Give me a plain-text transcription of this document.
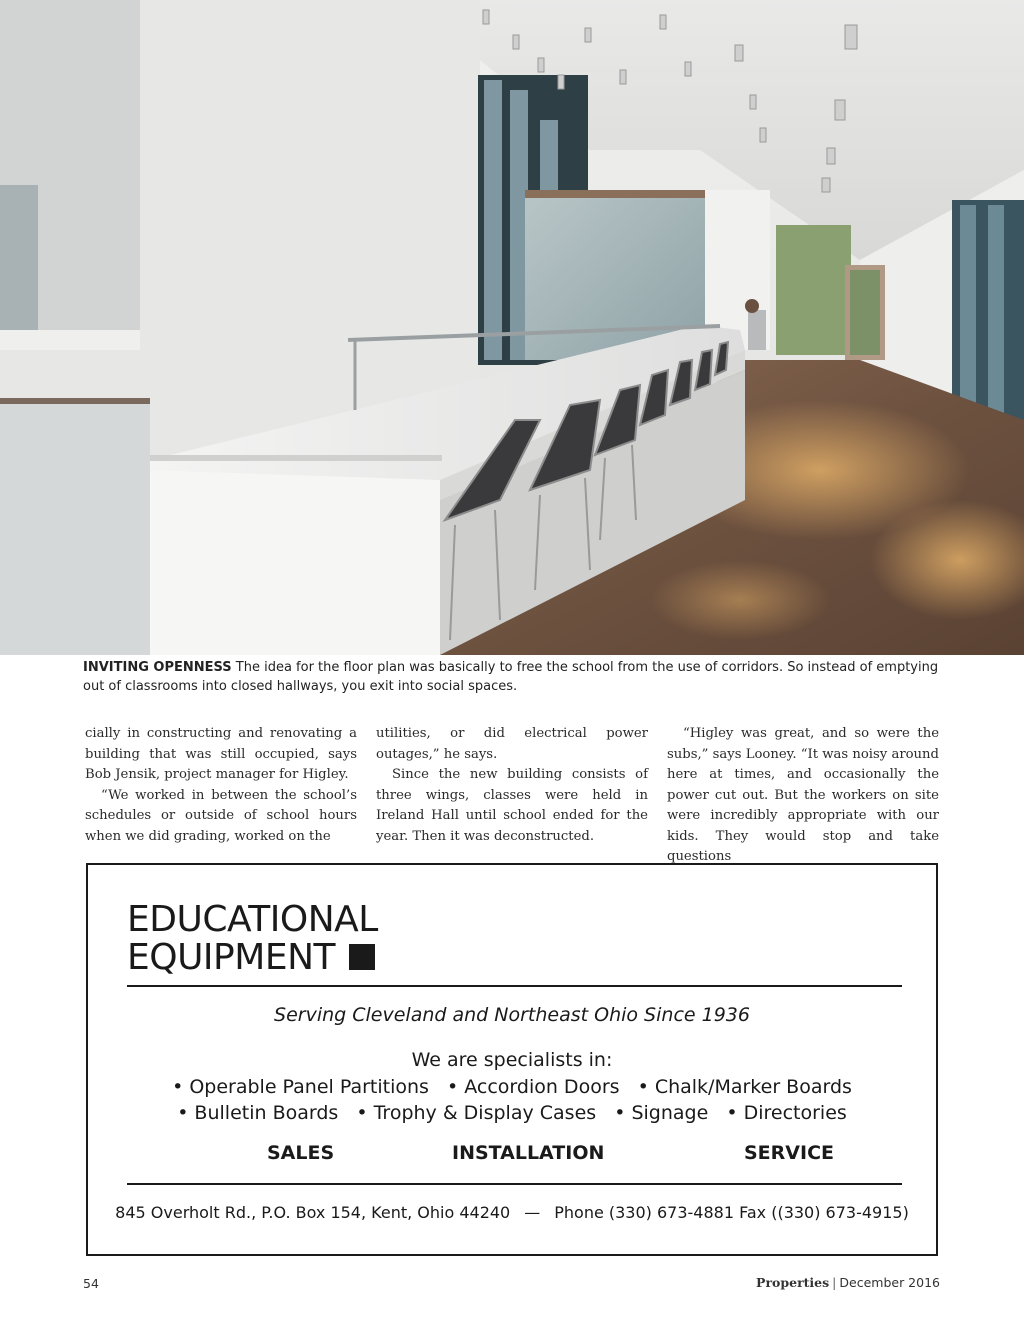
INVITING OPENNESS The idea for the floor plan was basically to free the school from the use of corridors. So instead of emptying out of classrooms into closed hallways, you exit into social spaces.

cially in constructing and renovating a building that was still occupied, says Bob Jensik, project manager for Higley.

“We worked in between the school’s schedules or outside of school hours when we did grading, worked on the

utilities, or did electrical power outages,” he says.

Since the new building consists of three wings, classes were held in Ireland Hall until school ended for the year. Then it was deconstructed.

“Higley was great, and so were the subs,” says Looney. “It was noisy around here at times, and occasionally the power cut out. But the workers on site were incredibly appropriate with our kids. They would stop and take questions

EDUCATIONAL
EQUIPMENT
Serving Cleveland and Northeast Ohio Since 1936
We are specialists in:
• Operable Panel Partitions • Accordion Doors • Chalk/Marker Boards
• Bulletin Boards • Trophy & Display Cases • Signage • Directories
SALES	INSTALLATION	SERVICE
845 Overholt Rd., P.O. Box 154, Kent, Ohio 44240 — Phone (330) 673-4881 Fax ((330) 673-4915)
54	Properties | December 2016
